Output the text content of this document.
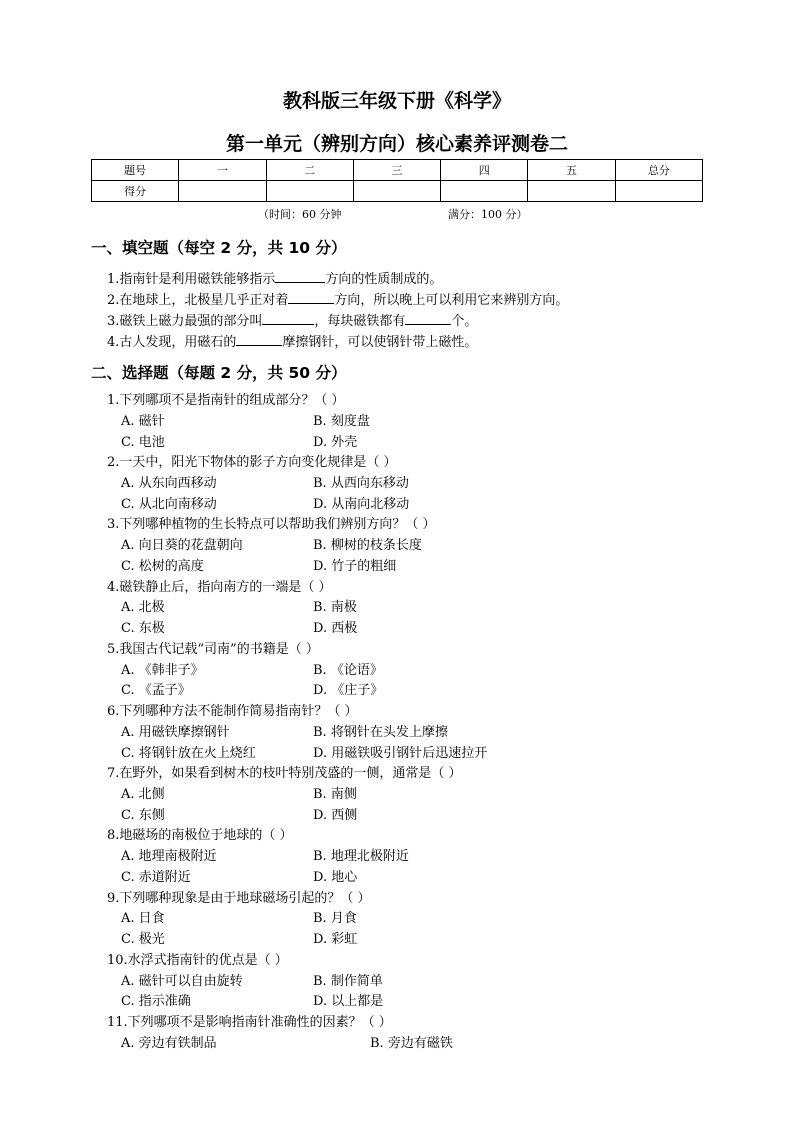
教科版三年级下册《科学》
第一单元（辨别方向）核心素养评测卷二
题号	一	二	三	四	五	总分
得分						
（时间：60 分钟	满分：100 分）
一、填空题（每空 2 分，共 10 分）
1.指南针是利用磁铁能够指示	方向的性质制成的。
2.在地球上，北极星几乎正对着	方向，所以晚上可以利用它来辨别方向。
3.磁铁上磁力最强的部分叫	，每块磁铁都有	个。
4.古人发现，用磁石的	摩擦钢针，可以使钢针带上磁性。
二、选择题（每题 2 分，共 50 分）
1.下列哪项不是指南针的组成部分？（ ）
A. 磁针	B. 刻度盘
C. 电池	D. 外壳
2.一天中，阳光下物体的影子方向变化规律是（ ）
A. 从东向西移动	B. 从西向东移动
C. 从北向南移动	D. 从南向北移动
3.下列哪种植物的生长特点可以帮助我们辨别方向？（ ）
A. 向日葵的花盘朝向	B. 柳树的枝条长度
C. 松树的高度	D. 竹子的粗细
4.磁铁静止后，指向南方的一端是（ ）
A. 北极	B. 南极
C. 东极	D. 西极
5.我国古代记载“司南”的书籍是（ ）
A. 《韩非子》	B. 《论语》
C. 《孟子》	D. 《庄子》
6.下列哪种方法不能制作简易指南针？（ ）
A. 用磁铁摩擦钢针	B. 将钢针在头发上摩擦
C. 将钢针放在火上烧红	D. 用磁铁吸引钢针后迅速拉开
7.在野外，如果看到树木的枝叶特别茂盛的一侧，通常是（ ）
A. 北侧	B. 南侧
C. 东侧	D. 西侧
8.地磁场的南极位于地球的（ ）
A. 地理南极附近	B. 地理北极附近
C. 赤道附近	D. 地心
9.下列哪种现象是由于地球磁场引起的？（ ）
A. 日食	B. 月食
C. 极光	D. 彩虹
10.水浮式指南针的优点是（ ）
A. 磁针可以自由旋转	B. 制作简单
C. 指示准确	D. 以上都是
11.下列哪项不是影响指南针准确性的因素？（ ）
A. 旁边有铁制品	B. 旁边有磁铁
